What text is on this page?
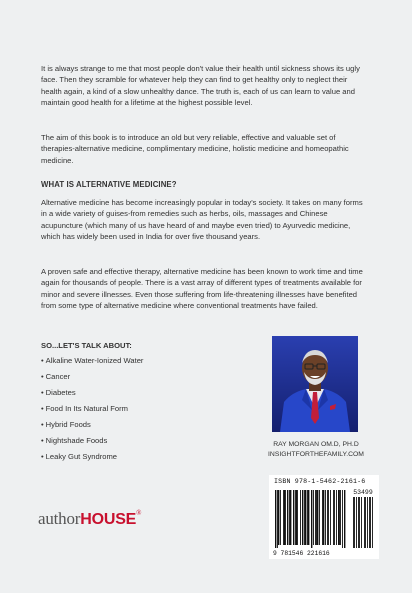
It is always strange to me that most people don't value their health until sickness shows its ugly face. Then they scramble for whatever help they can find to get healthy only to neglect their health again, a kind of a slow unhealthy dance. The truth is, each of us can learn to value and maintain good health for a lifetime at the highest possible level.

The aim of this book is to introduce an old but very reliable, effective and valuable set of therapies-alternative medicine, complimentary medicine, holistic medicine and homeopathic medicine.

WHAT IS ALTERNATIVE MEDICINE?

Alternative medicine has become increasingly popular in today's society. It takes on many forms in a wide variety of guises-from remedies such as herbs, oils, massages and Chinese acupuncture (which many of us have heard of and maybe even tried) to Ayurvedic medicine, which has widely been used in India for over five thousand years.

A proven safe and effective therapy, alternative medicine has been known to work time and time again for thousands of people. There is a vast array of different types of treatments available for minor and severe illnesses. Even those suffering from life-threatening illnesses have benefited from some type of alternative medicine where conventional treatments have failed.

SO...LET'S TALK ABOUT:

• Alkaline Water-Ionized Water
• Cancer
• Diabetes
• Food In Its Natural Form
• Hybrid Foods
• Nightshade Foods
• Leaky Gut Syndrome

RAY MORGAN OM.D, PH.D
INSIGHTFORTHEFAMILY.COM

ISBN 978-1-5462-2161-6

53499
9 781546 221616

authorHOUSE®
